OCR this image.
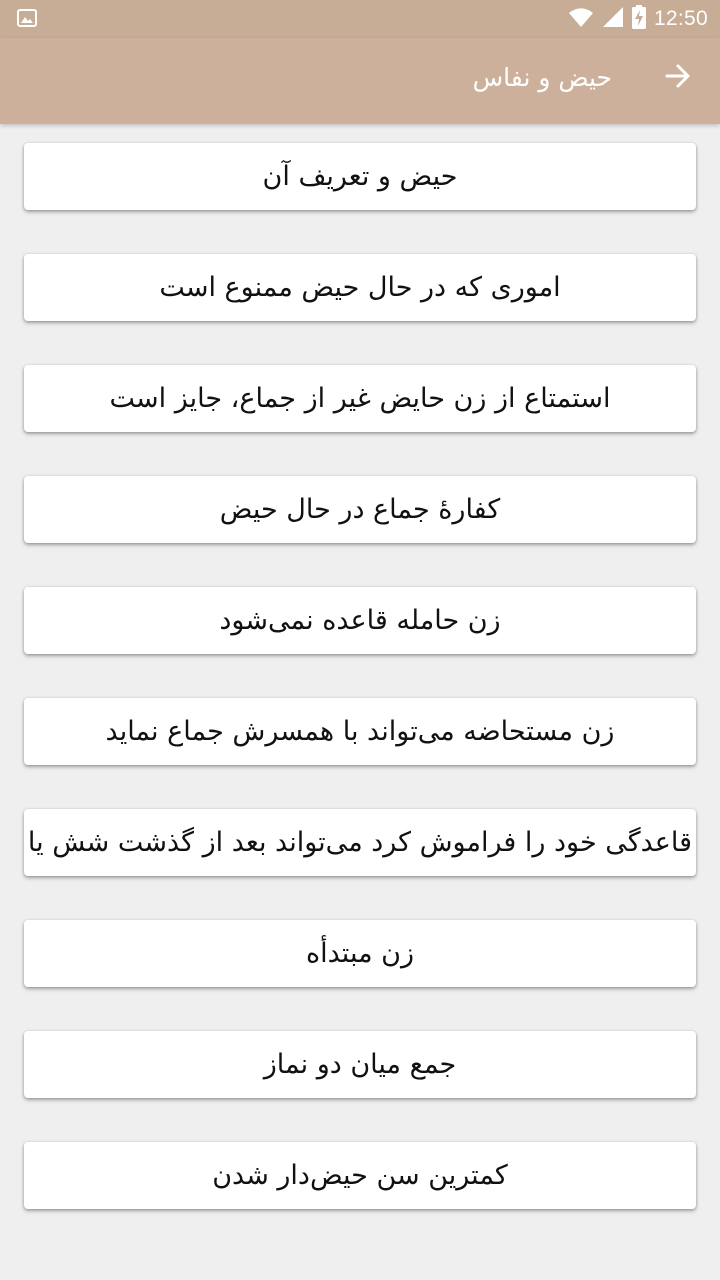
12:50
حیض و نفاس
حیض و تعریف آن
اموری که در حال حیض ممنوع است
استمتاع از زن حایض غیر از جماع، جایز است
کفارۀ جماع در حال حیض
زن حامله قاعده نمی‌شود
زن مستحاضه می‌تواند با همسرش جماع نماید
قاعدگی خود را فراموش کرد می‌تواند بعد از گذشت شش یا
زن مبتدأه
جمع میان دو نماز
کمترین سن حیض‌دار شدن
